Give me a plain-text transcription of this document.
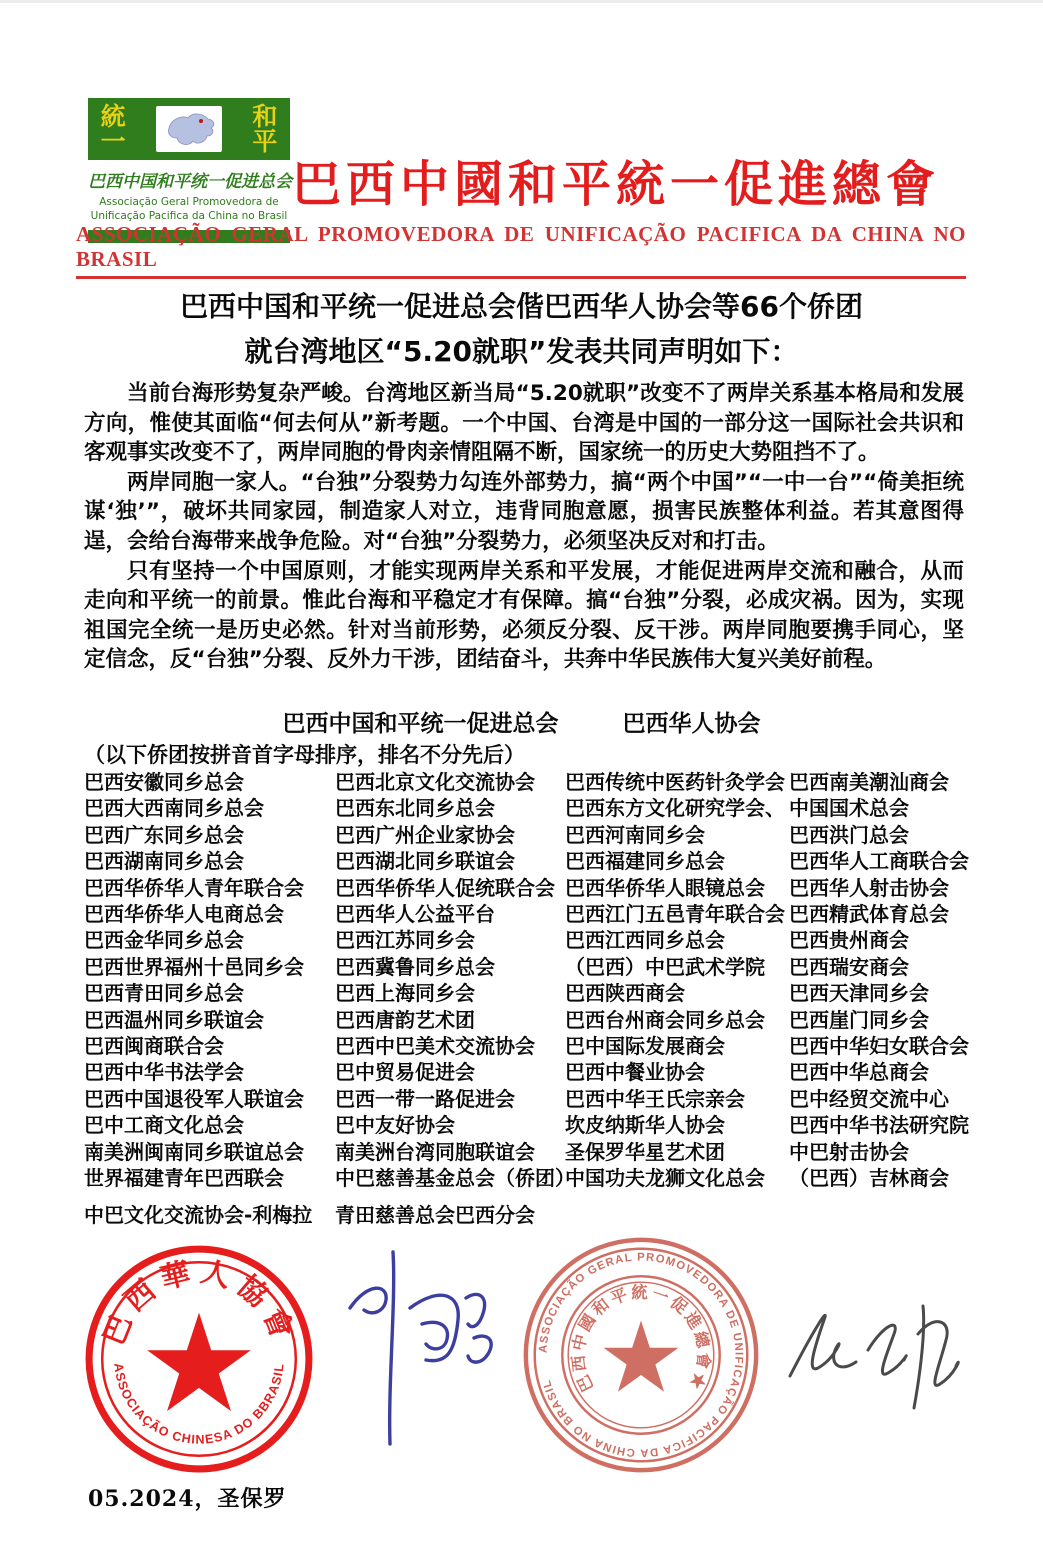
統一
和平
巴西中国和平统一促进总会
Associação Geral Promovedora de
Unificação Pacifica da China no Brasil
巴西中國和平統一促進總會
ASSOCIAÇÃO GERAL PROMOVEDORA DE UNIFICAÇÃO PACIFICA DA CHINA NO BRASIL
巴西中国和平统一促进总会偕巴西华人协会等66个侨团
就台湾地区“5.20就职”发表共同声明如下：

当前台海形势复杂严峻。台湾地区新当局“5.20就职”改变不了两岸关系基本格局和发展方向，惟使其面临“何去何从”新考题。一个中国、台湾是中国的一部分这一国际社会共识和客观事实改变不了，两岸同胞的骨肉亲情阻隔不断，国家统一的历史大势阻挡不了。

两岸同胞一家人。“台独”分裂势力勾连外部势力，搞“两个中国”“一中一台”“倚美拒统谋‘独’”，破坏共同家园，制造家人对立，违背同胞意愿，损害民族整体利益。若其意图得逞，会给台海带来战争危险。对“台独”分裂势力，必须坚决反对和打击。

只有坚持一个中国原则，才能实现两岸关系和平发展，才能促进两岸交流和融合，从而走向和平统一的前景。惟此台海和平稳定才有保障。搞“台独”分裂，必成灾祸。因为，实现祖国完全统一是历史必然。针对当前形势，必须反分裂、反干涉。两岸同胞要携手同心，坚定信念，反“台独”分裂、反外力干涉，团结奋斗，共奔中华民族伟大复兴美好前程。

巴西中国和平统一促进总会	巴西华人协会
（以下侨团按拼音首字母排序，排名不分先后）
巴西安徽同乡总会
巴西大西南同乡总会
巴西广东同乡总会
巴西湖南同乡总会
巴西华侨华人青年联合会
巴西华侨华人电商总会
巴西金华同乡总会
巴西世界福州十邑同乡会
巴西青田同乡总会
巴西温州同乡联谊会
巴西闽商联合会
巴西中华书法学会
巴西中国退役军人联谊会
巴中工商文化总会
南美洲闽南同乡联谊总会
世界福建青年巴西联会
中巴文化交流协会-利梅拉
巴西北京文化交流协会
巴西东北同乡总会
巴西广州企业家协会
巴西湖北同乡联谊会
巴西华侨华人促统联合会
巴西华人公益平台
巴西江苏同乡会
巴西冀鲁同乡总会
巴西上海同乡会
巴西唐韵艺术团
巴西中巴美术交流协会
巴中贸易促进会
巴西一带一路促进会
巴中友好协会
南美洲台湾同胞联谊会
中巴慈善基金总会（侨团）
青田慈善总会巴西分会
巴西传统中医药针灸学会
巴西东方文化研究学会、
巴西河南同乡会
巴西福建同乡总会
巴西华侨华人眼镜总会
巴西江门五邑青年联合会
巴西江西同乡总会
（巴西）中巴武术学院
巴西陕西商会
巴西台州商会同乡总会
巴中国际发展商会
巴西中餐业协会
巴西中华王氏宗亲会
坎皮纳斯华人协会
圣保罗华星艺术团
中国功夫龙狮文化总会
巴西南美潮汕商会
中国国术总会
巴西洪门总会
巴西华人工商联合会
巴西华人射击协会
巴西精武体育总会
巴西贵州商会
巴西瑞安商会
巴西天津同乡会
巴西崖门同乡会
巴西中华妇女联合会
巴西中华总商会
巴中经贸交流中心
巴西中华书法研究院
中巴射击协会
（巴西）吉林商会
巴西華人協會
ASSOCIAÇÃO CHINESA DO BBRASIL
ASSOCIAÇÃO GERAL PROMOVEDORA DE UNIFICAÇÃO PACIFICA DA CHINA NO BRASIL	巴西中國和平統一促進總會★
05.2024，圣保罗
